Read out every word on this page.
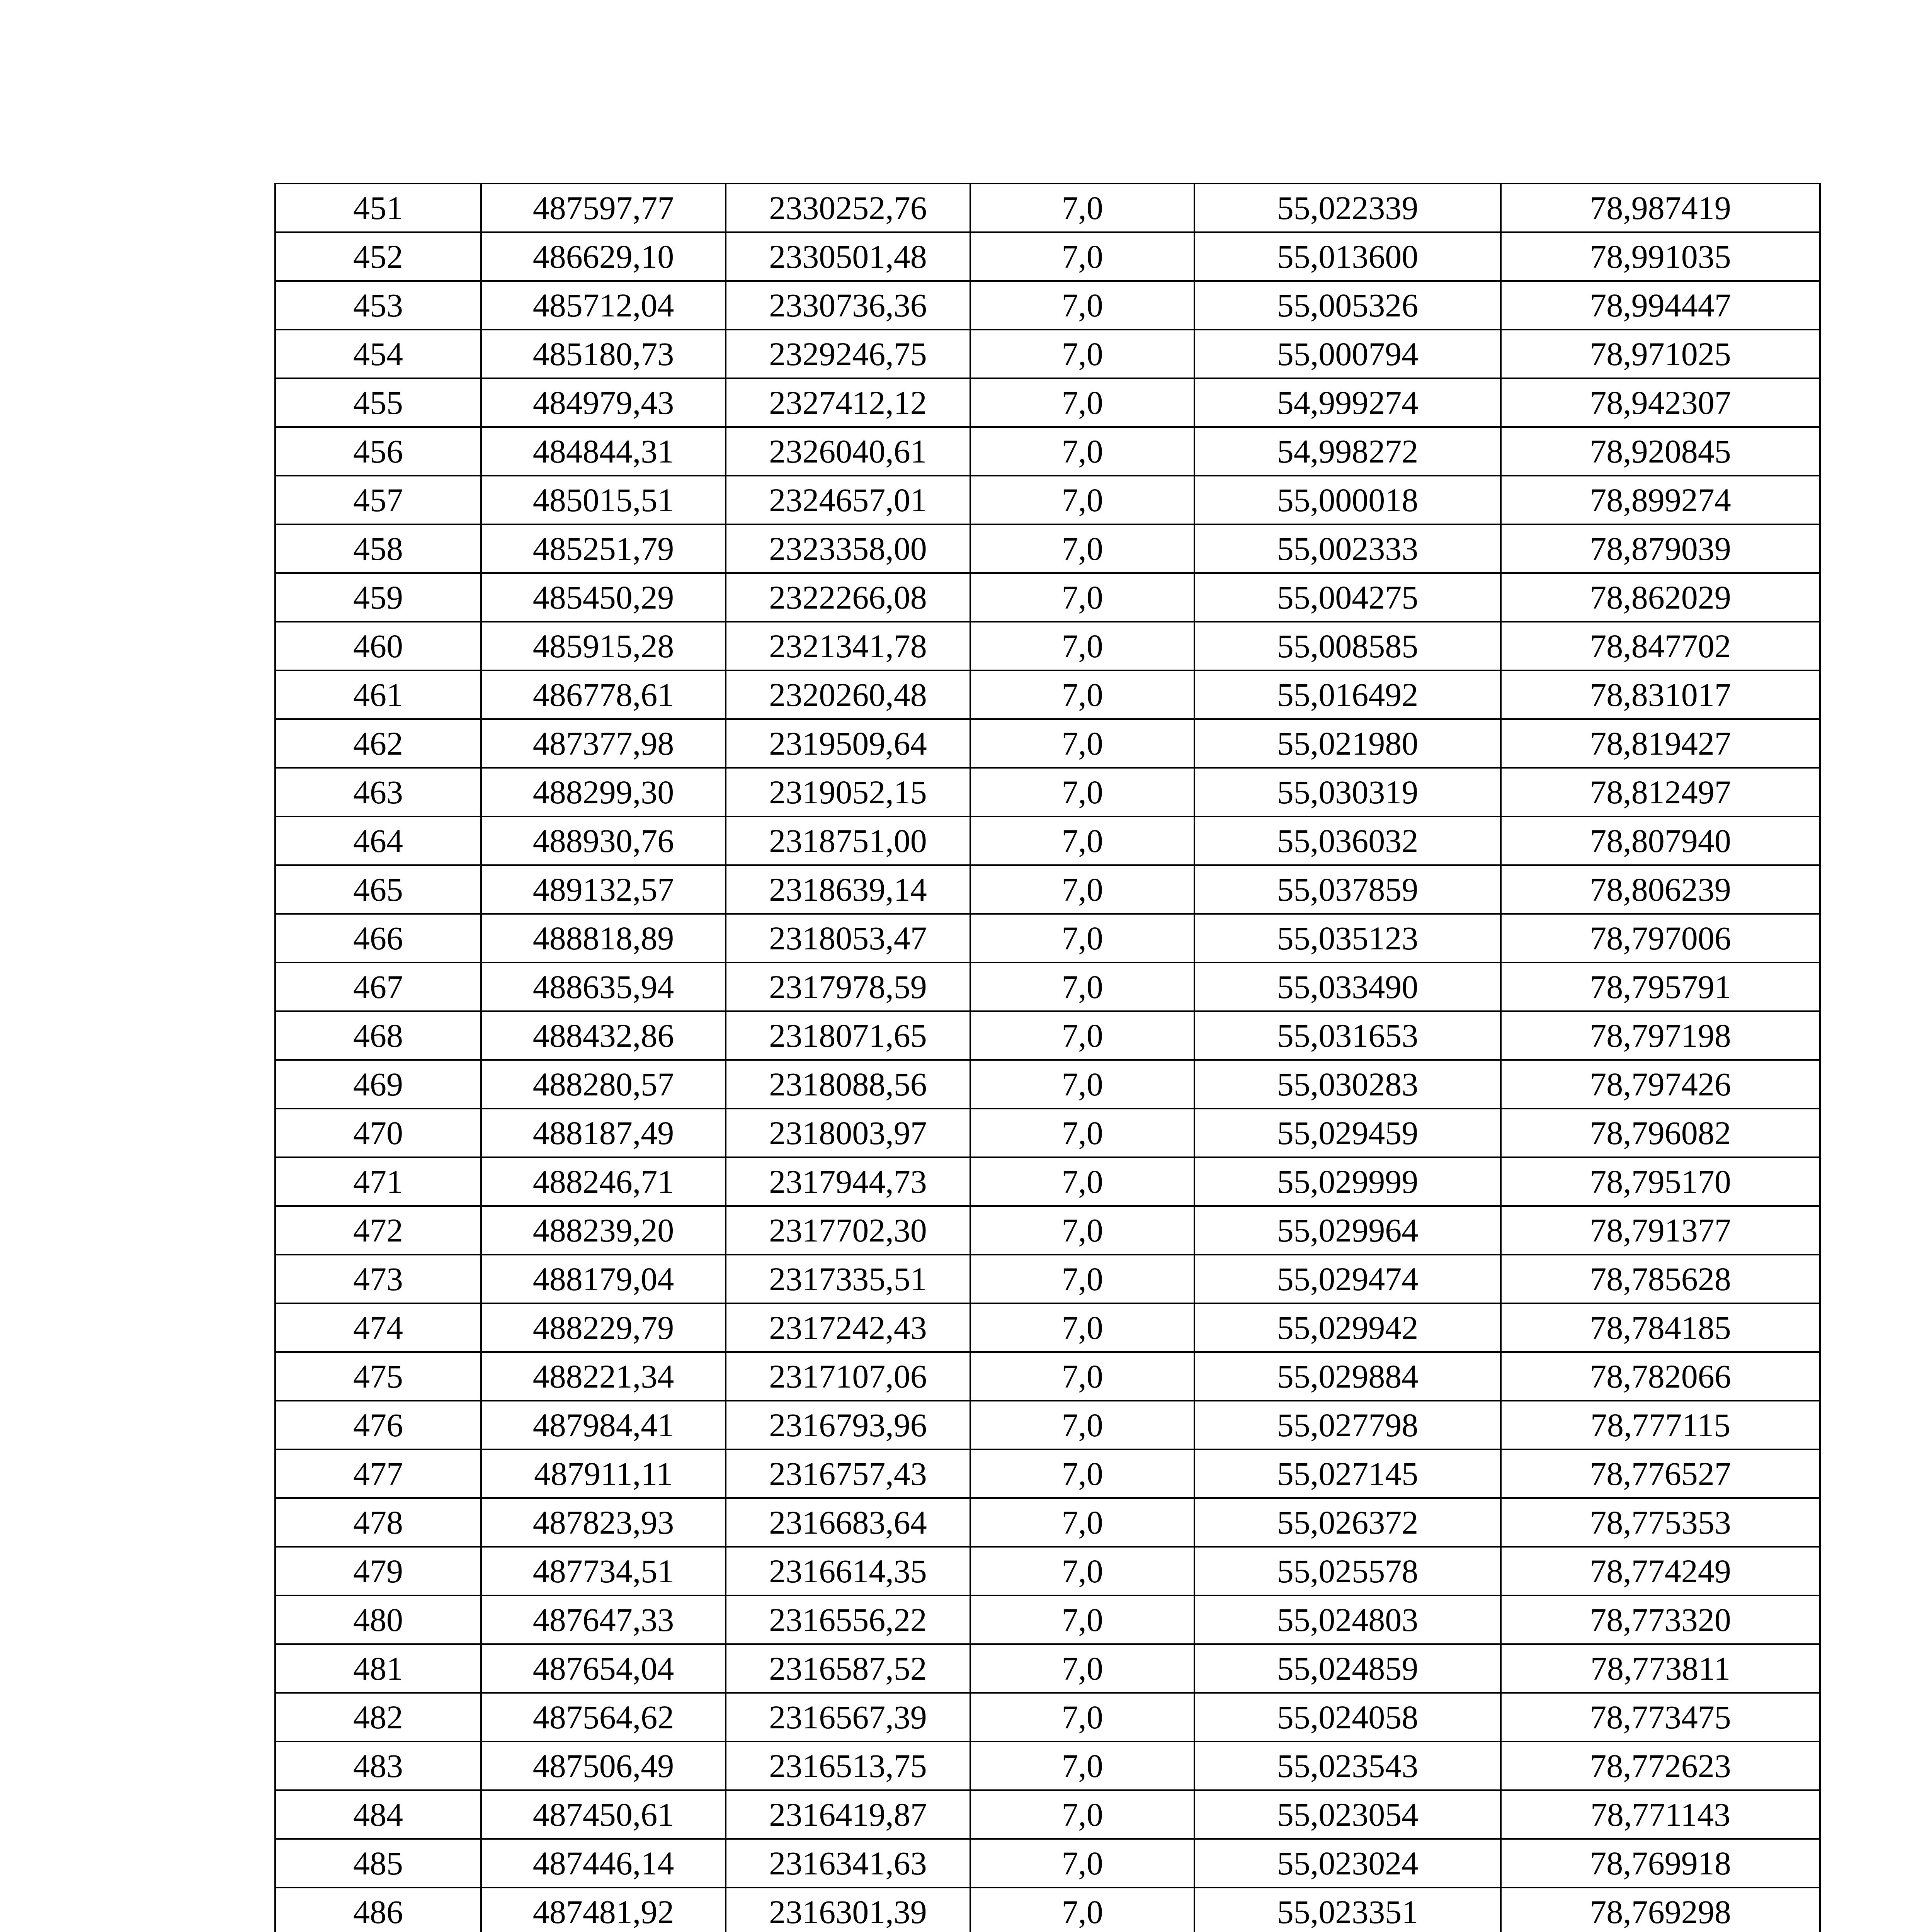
451	487597,77	2330252,76	7,0	55,022339	78,987419
452	486629,10	2330501,48	7,0	55,013600	78,991035
453	485712,04	2330736,36	7,0	55,005326	78,994447
454	485180,73	2329246,75	7,0	55,000794	78,971025
455	484979,43	2327412,12	7,0	54,999274	78,942307
456	484844,31	2326040,61	7,0	54,998272	78,920845
457	485015,51	2324657,01	7,0	55,000018	78,899274
458	485251,79	2323358,00	7,0	55,002333	78,879039
459	485450,29	2322266,08	7,0	55,004275	78,862029
460	485915,28	2321341,78	7,0	55,008585	78,847702
461	486778,61	2320260,48	7,0	55,016492	78,831017
462	487377,98	2319509,64	7,0	55,021980	78,819427
463	488299,30	2319052,15	7,0	55,030319	78,812497
464	488930,76	2318751,00	7,0	55,036032	78,807940
465	489132,57	2318639,14	7,0	55,037859	78,806239
466	488818,89	2318053,47	7,0	55,035123	78,797006
467	488635,94	2317978,59	7,0	55,033490	78,795791
468	488432,86	2318071,65	7,0	55,031653	78,797198
469	488280,57	2318088,56	7,0	55,030283	78,797426
470	488187,49	2318003,97	7,0	55,029459	78,796082
471	488246,71	2317944,73	7,0	55,029999	78,795170
472	488239,20	2317702,30	7,0	55,029964	78,791377
473	488179,04	2317335,51	7,0	55,029474	78,785628
474	488229,79	2317242,43	7,0	55,029942	78,784185
475	488221,34	2317107,06	7,0	55,029884	78,782066
476	487984,41	2316793,96	7,0	55,027798	78,777115
477	487911,11	2316757,43	7,0	55,027145	78,776527
478	487823,93	2316683,64	7,0	55,026372	78,775353
479	487734,51	2316614,35	7,0	55,025578	78,774249
480	487647,33	2316556,22	7,0	55,024803	78,773320
481	487654,04	2316587,52	7,0	55,024859	78,773811
482	487564,62	2316567,39	7,0	55,024058	78,773475
483	487506,49	2316513,75	7,0	55,023543	78,772623
484	487450,61	2316419,87	7,0	55,023054	78,771143
485	487446,14	2316341,63	7,0	55,023024	78,769918
486	487481,92	2316301,39	7,0	55,023351	78,769298
